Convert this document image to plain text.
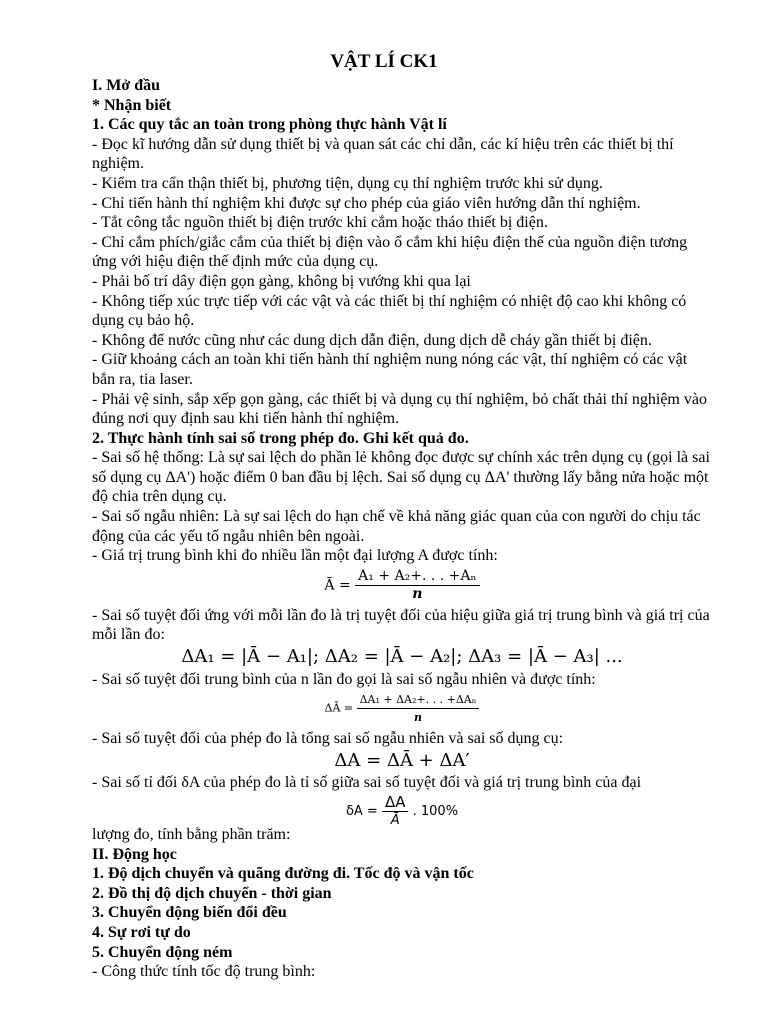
VẬT LÍ CK1

I. Mở đầu

* Nhận biết

1. Các quy tắc an toàn trong phòng thực hành Vật lí

- Đọc kĩ hướng dẫn sử dụng thiết bị và quan sát các chỉ dẫn, các kí hiệu trên các thiết bị thí nghiệm.

- Kiểm tra cẩn thận thiết bị, phương tiện, dụng cụ thí nghiệm trước khi sử dụng.

- Chỉ tiến hành thí nghiệm khi được sự cho phép của giáo viên hướng dẫn thí nghiệm.

- Tắt công tắc nguồn thiết bị điện trước khi cắm hoặc tháo thiết bị điện.

- Chỉ cắm phích/giắc cắm của thiết bị điện vào ổ cắm khi hiệu điện thế của nguồn điện tương ứng với hiệu điện thế định mức của dụng cụ.

- Phải bố trí dây điện gọn gàng, không bị vướng khi qua lại

- Không tiếp xúc trực tiếp với các vật và các thiết bị thí nghiệm có nhiệt độ cao khi không có dụng cụ bảo hộ.

- Không để nước cũng như các dung dịch dẫn điện, dung dịch dễ cháy gần thiết bị điện.

- Giữ khoảng cách an toàn khi tiến hành thí nghiệm nung nóng các vật, thí nghiệm có các vật bắn ra, tia laser.

- Phải vệ sinh, sắp xếp gọn gàng, các thiết bị và dụng cụ thí nghiệm, bỏ chất thải thí nghiệm vào đúng nơi quy định sau khi tiến hành thí nghiệm.

2. Thực hành tính sai số trong phép đo. Ghi kết quả đo.

- Sai số hệ thống: Là sự sai lệch do phần lẻ không đọc được sự chính xác trên dụng cụ (gọi là sai số dụng cụ ΔA') hoặc điểm 0 ban đầu bị lệch. Sai số dụng cụ ΔA' thường lấy bằng nửa hoặc một độ chia trên dụng cụ.

- Sai số ngẫu nhiên: Là sự sai lệch do hạn chế về khả năng giác quan của con người do chịu tác động của các yếu tố ngẫu nhiên bên ngoài.

- Giá trị trung bình khi đo nhiều lần một đại lượng A được tính:

Ā = $\frac{\text{A₁ + A₂+. . . +Aₙ}}{n}$

- Sai số tuyệt đối ứng với mỗi lần đo là trị tuyệt đối của hiệu giữa giá trị trung bình và giá trị của mỗi lần đo:

ΔA₁ = |Ā − A₁|; ΔA₂ = |Ā − A₂|; ΔA₃ = |Ā − A₃| ...

- Sai số tuyệt đối trung bình của n lần đo gọi là sai số ngẫu nhiên và được tính:

ΔĀ = $\frac{\text{ΔA₁ + ΔA₂+. . . +ΔAₙ}}{n}$

- Sai số tuyệt đối của phép đo là tổng sai số ngẫu nhiên và sai số dụng cụ:

ΔA = ΔĀ + ΔA′

- Sai số tỉ đối δA của phép đo là tỉ số giữa sai số tuyệt đối và giá trị trung bình của đại

$\delta A = \frac{\Delta A}{Ā}$ . 100%

lượng đo, tính bằng phần trăm:

II. Động học

1. Độ dịch chuyển và quãng đường đi. Tốc độ và vận tốc

2. Đồ thị độ dịch chuyển - thời gian

3. Chuyển động biến đổi đều

4. Sự rơi tự do

5. Chuyển động ném

- Công thức tính tốc độ trung bình:
